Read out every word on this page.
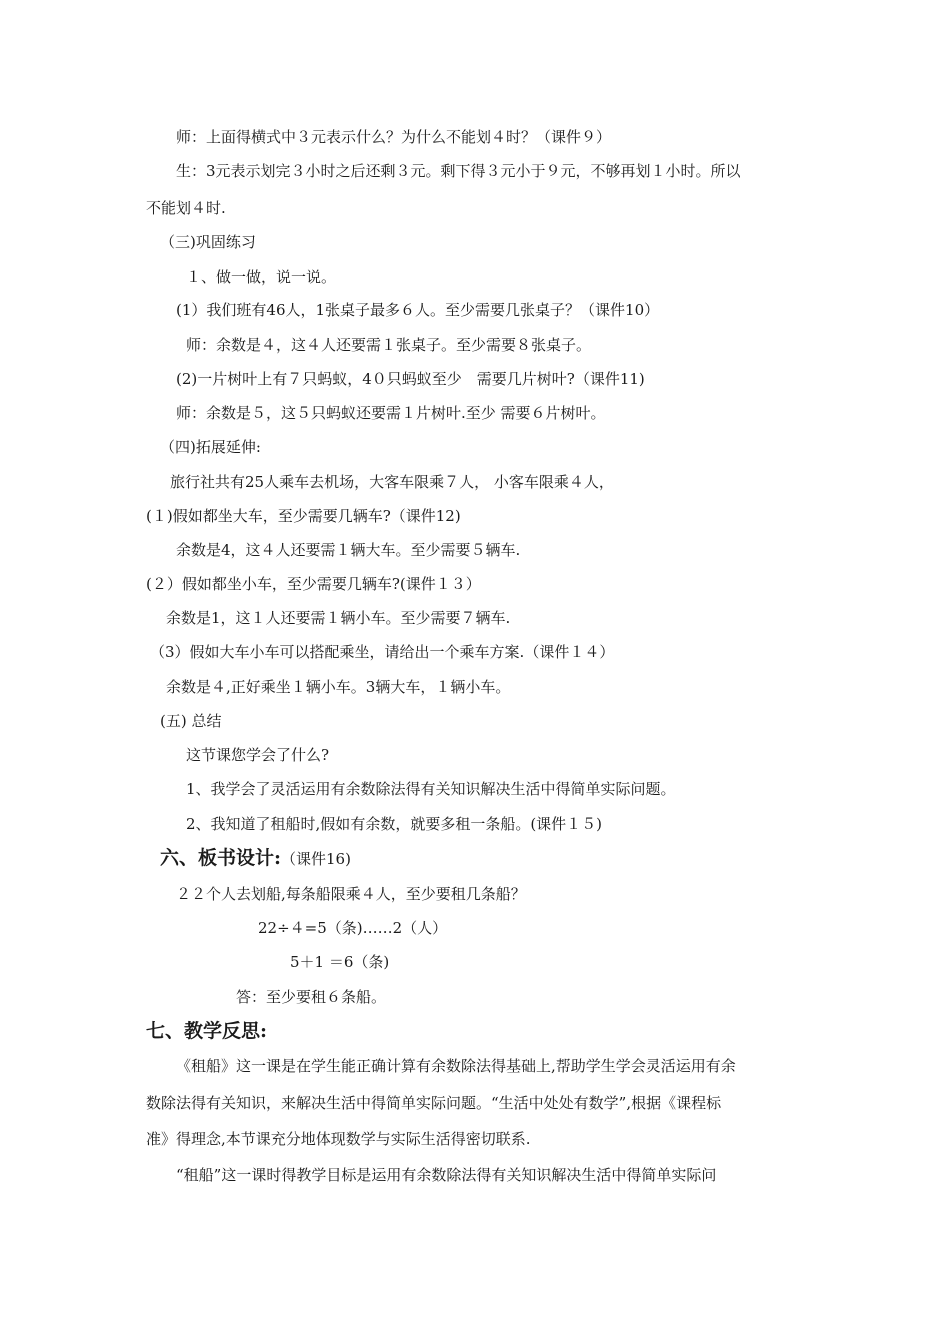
师：上面得横式中３元表示什么？为什么不能划４时？（课件９）
生：3元表示划完３小时之后还剩３元。剩下得３元小于９元，不够再划１小时。所以
不能划４时.
（三)巩固练习
１、做一做，说一说。
(1）我们班有46人，1张桌子最多６人。至少需要几张桌子？（课件10）
师：余数是４，这４人还要需１张桌子。至少需要８张桌子。
(2)一片树叶上有７只蚂蚁，4０只蚂蚁至少　需要几片树叶?（课件11)
师：余数是５，这５只蚂蚁还要需１片树叶.至少 需要６片树叶。
（四)拓展延伸:
旅行社共有25人乘车去机场，大客车限乘７人， 小客车限乘４人，
(１)假如都坐大车，至少需要几辆车?（课件12)
余数是4，这４人还要需１辆大车。至少需要５辆车.
(２）假如都坐小车，至少需要几辆车?(课件１３）
余数是1，这１人还要需１辆小车。至少需要７辆车.
（3）假如大车小车可以搭配乘坐，请给出一个乘车方案.（课件１４）
余数是４,正好乘坐１辆小车。3辆大车，１辆小车。
(五) 总结
这节课您学会了什么?
1、我学会了灵活运用有余数除法得有关知识解决生活中得简单实际问题。
2、我知道了租船时,假如有余数，就要多租一条船。(课件１５)
六、板书设计:（课件16)
２２个人去划船,每条船限乘４人，至少要租几条船？
22÷４=5（条)……2（人）
5＋1 ＝6（条)
答：至少要租６条船。
七、教学反思:
《租船》这一课是在学生能正确计算有余数除法得基础上,帮助学生学会灵活运用有余
数除法得有关知识，来解决生活中得简单实际问题。“生活中处处有数学”,根据《课程标
准》得理念,本节课充分地体现数学与实际生活得密切联系.
“租船”这一课时得教学目标是运用有余数除法得有关知识解决生活中得简单实际问
